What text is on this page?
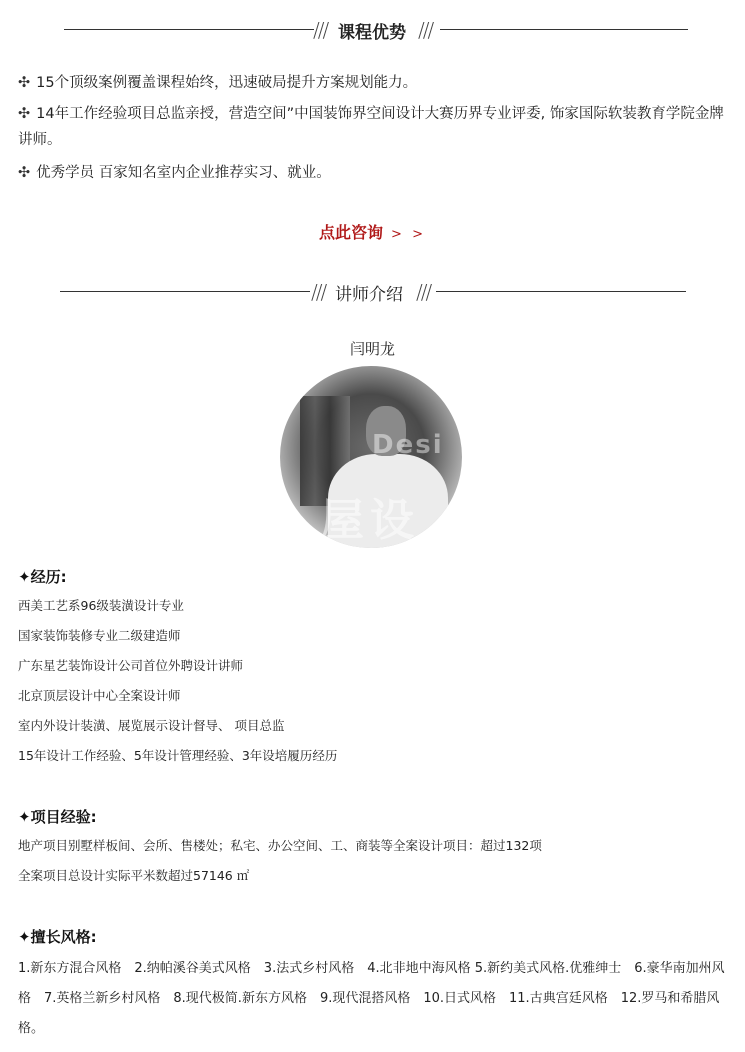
/// 课程优势 ///
✣ 15个顶级案例覆盖课程始终，迅速破局提升方案规划能力。
✣ 14年工作经验项目总监亲授，营造空间”中国装饰界空间设计大赛历界专业评委, 饰家国际软装教育学院金牌讲师。
✣ 优秀学员 百家知名室内企业推荐实习、就业。
点此咨询 > >
/// 讲师介绍 ///
闫明龙
Desi
屋设
✦经历:
西美工艺系96级装潢设计专业
国家装饰装修专业二级建造师
广东星艺装饰设计公司首位外聘设计讲师
北京顶层设计中心全案设计师
室内外设计装潢、展览展示设计督导、 项目总监
15年设计工作经验、5年设计管理经验、3年设培履历经历
✦项目经验:
地产项目别墅样板间、会所、售楼处；私宅、办公空间、工、商装等全案设计项目：超过132项
全案项目总设计实际平米数超过57146 ㎡
✦擅长风格:
1.新东方混合风格　2.纳帕溪谷美式风格　3.法式乡村风格　4.北非地中海风格 5.新约美式风格.优雅绅士　6.豪华南加州风格　7.英格兰新乡村风格　8.现代极简.新东方风格　9.现代混搭风格　10.日式风格　11.古典宫廷风格　12.罗马和希腊风格。
